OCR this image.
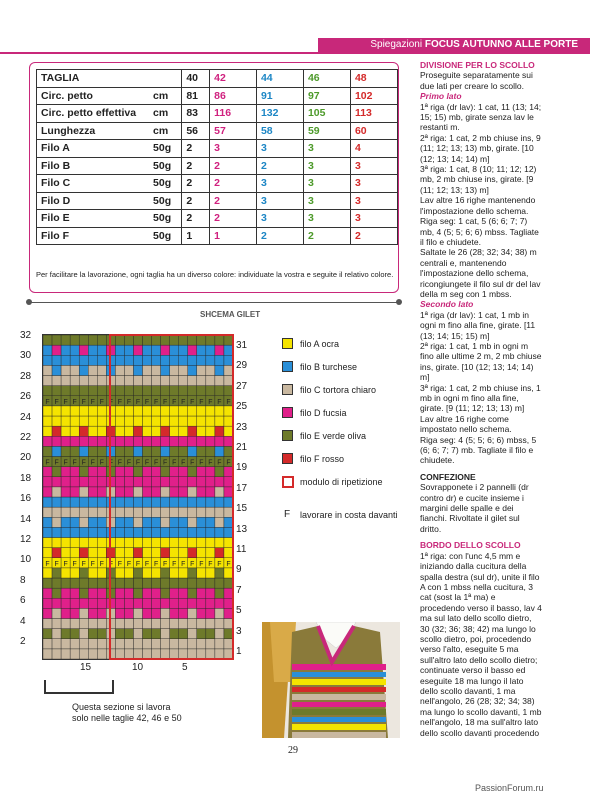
Spiegazioni FOCUS AUTUNNO ALLE PORTE
TAGLIA		40	42	44	46	48
Circ. petto	cm	81	86	91	97	102
Circ. petto effettiva	cm	83	116	132	105	113
Lunghezza	cm	56	57	58	59	60
Filo A	50g	2	3	3	3	4
Filo B	50g	2	2	2	3	3
Filo C	50g	2	2	3	3	3
Filo D	50g	2	2	3	3	3
Filo E	50g	2	2	3	3	3
Filo F	50g	1	1	2	2	2
Per facilitare la lavorazione, ogni taglia ha un diverso colore: individuate la vostra e seguite il relativo colore.
SHCEMA GILET
32
30
28
26
24
22
20
18
16
14
12
10
8
6
4
2
31
29
27
25
23
21
19
17
15
13
11
9
7
5
3
1
F F F F F F F F F F F F F F F F F F F F F
F F F F F F F F F F F F F F F F F F F F F
F F F F F F F F F F F F F F F F F F F F F
15	10	5
Questa sezione si lavora solo nelle taglie 42, 46 e 50
filo A ocra
filo B turchese
filo C tortora chiaro
filo D fucsia
filo E verde oliva
filo F rosso
modulo di ripetizione
F lavorare in costa davanti
DIVISIONE PER LO SCOLLO

Proseguite separatamente sui due lati per creare lo scollo.

Primo lato

1ª riga (dr lav): 1 cat, 11 (13; 14; 15; 15) mb, girate senza lav le restanti m.

2ª riga: 1 cat, 2 mb chiuse ins, 9 (11; 12; 13; 13) mb, girate. [10 (12; 13; 14; 14) m]

3ª riga: 1 cat, 8 (10; 11; 12; 12) mb, 2 mb chiuse ins, girate. [9 (11; 12; 13; 13) m]

Lav altre 16 righe mantenendo l'impostazione dello schema.

Riga seg: 1 cat, 5 (6; 6; 7; 7) mb, 4 (5; 5; 6; 6) mbss. Tagliate il filo e chiudete.

Saltate le 26 (28; 32; 34; 38) m centrali e, mantenendo l'impostazione dello schema, ricongiungete il filo sul dr del lav della m seg con 1 mbss.

Secondo lato

1ª riga (dr lav): 1 cat, 1 mb in ogni m fino alla fine, girate. [11 (13; 14; 15; 15) m]

2ª riga: 1 cat, 1 mb in ogni m fino alle ultime 2 m, 2 mb chiuse ins, girate. [10 (12; 13; 14; 14) m]

3ª riga: 1 cat, 2 mb chiuse ins, 1 mb in ogni m fino alla fine, girate. [9 (11; 12; 13; 13) m]

Lav altre 16 righe come impostato nello schema.

Riga seg: 4 (5; 5; 6; 6) mbss, 5 (6; 6; 7; 7) mb. Tagliate il filo e chiudete.

CONFEZIONE

Sovrapponete i 2 pannelli (dr contro dr) e cucite insieme i margini delle spalle e dei fianchi. Rivoltate il gilet sul dritto.

BORDO DELLO SCOLLO

1ª riga: con l'unc 4,5 mm e iniziando dalla cucitura della spalla destra (sul dr), unite il filo A con 1 mbss nella cucitura, 3 cat (sost la 1ª ma) e procedendo verso il basso, lav 4 ma sul lato dello scollo dietro, 30 (32; 36; 38; 42) ma lungo lo scollo dietro, poi, procedendo verso l'alto, eseguite 5 ma sull'altro lato dello scollo dietro; continuate verso il basso ed eseguite 18 ma lungo il lato dello scollo davanti, 1 ma nell'angolo, 26 (28; 32; 34; 38) ma lungo lo scollo davanti, 1 mb nell'angolo, 18 ma sull'altro lato dello scollo davanti procedendo

29
PassionForum.ru
